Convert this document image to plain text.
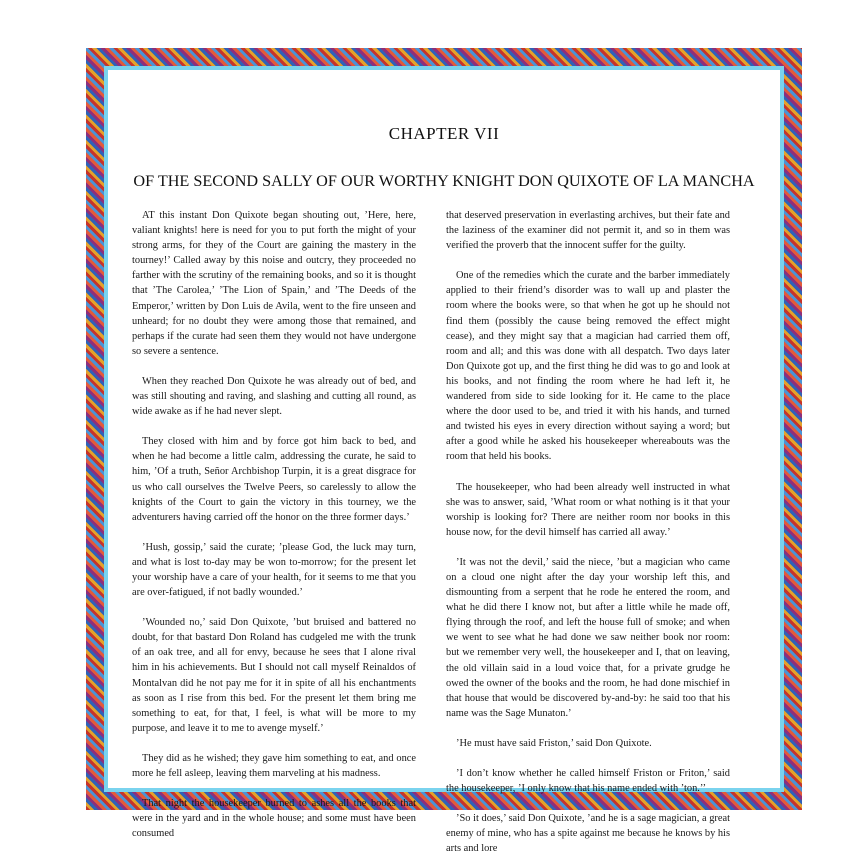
CHAPTER VII
OF THE SECOND SALLY OF OUR WORTHY KNIGHT DON QUIXOTE OF LA MANCHA

AT this instant Don Quixote began shouting out, ’Here, here, valiant knights! here is need for you to put forth the might of your strong arms, for they of the Court are gaining the mastery in the tourney!’ Called away by this noise and outcry, they proceeded no farther with the scrutiny of the remaining books, and so it is thought that ’The Carolea,’ ’The Lion of Spain,’ and ’The Deeds of the Emperor,’ written by Don Luis de Avila, went to the fire unseen and unheard; for no doubt they were among those that remained, and perhaps if the curate had seen them they would not have undergone so severe a sentence.

When they reached Don Quixote he was already out of bed, and was still shouting and raving, and slashing and cutting all round, as wide awake as if he had never slept.

They closed with him and by force got him back to bed, and when he had become a little calm, addressing the curate, he said to him, ’Of a truth, Señor Archbishop Turpin, it is a great disgrace for us who call ourselves the Twelve Peers, so carelessly to allow the knights of the Court to gain the victory in this tourney, we the adventurers having carried off the honor on the three former days.’

’Hush, gossip,’ said the curate; ’please God, the luck may turn, and what is lost to-day may be won to-morrow; for the present let your worship have a care of your health, for it seems to me that you are over-fatigued, if not badly wounded.’

’Wounded no,’ said Don Quixote, ’but bruised and battered no doubt, for that bastard Don Roland has cudgeled me with the trunk of an oak tree, and all for envy, because he sees that I alone rival him in his achievements. But I should not call myself Reinaldos of Montalvan did he not pay me for it in spite of all his enchantments as soon as I rise from this bed. For the present let them bring me something to eat, for that, I feel, is what will be more to my purpose, and leave it to me to avenge myself.’

They did as he wished; they gave him something to eat, and once more he fell asleep, leaving them marveling at his madness.

That night the housekeeper burned to ashes all the books that were in the yard and in the whole house; and some must have been consumed

that deserved preservation in everlasting archives, but their fate and the laziness of the examiner did not permit it, and so in them was verified the proverb that the innocent suffer for the guilty.

One of the remedies which the curate and the barber immediately applied to their friend’s disorder was to wall up and plaster the room where the books were, so that when he got up he should not find them (possibly the cause being removed the effect might cease), and they might say that a magician had carried them off, room and all; and this was done with all despatch. Two days later Don Quixote got up, and the first thing he did was to go and look at his books, and not finding the room where he had left it, he wandered from side to side looking for it. He came to the place where the door used to be, and tried it with his hands, and turned and twisted his eyes in every direction without saying a word; but after a good while he asked his housekeeper whereabouts was the room that held his books.

The housekeeper, who had been already well instructed in what she was to answer, said, ’What room or what nothing is it that your worship is looking for? There are neither room nor books in this house now, for the devil himself has carried all away.’

’It was not the devil,’ said the niece, ’but a magician who came on a cloud one night after the day your worship left this, and dismounting from a serpent that he rode he entered the room, and what he did there I know not, but after a little while he made off, flying through the roof, and left the house full of smoke; and when we went to see what he had done we saw neither book nor room: but we remember very well, the housekeeper and I, that on leaving, the old villain said in a loud voice that, for a private grudge he owed the owner of the books and the room, he had done mischief in that house that would be discovered by-and-by: he said too that his name was the Sage Munaton.’

’He must have said Friston,’ said Don Quixote.

’I don’t know whether he called himself Friston or Friton,’ said the housekeeper, ’I only know that his name ended with ’ton.’’

’So it does,’ said Don Quixote, ’and he is a sage magician, a great enemy of mine, who has a spite against me because he knows by his arts and lore
